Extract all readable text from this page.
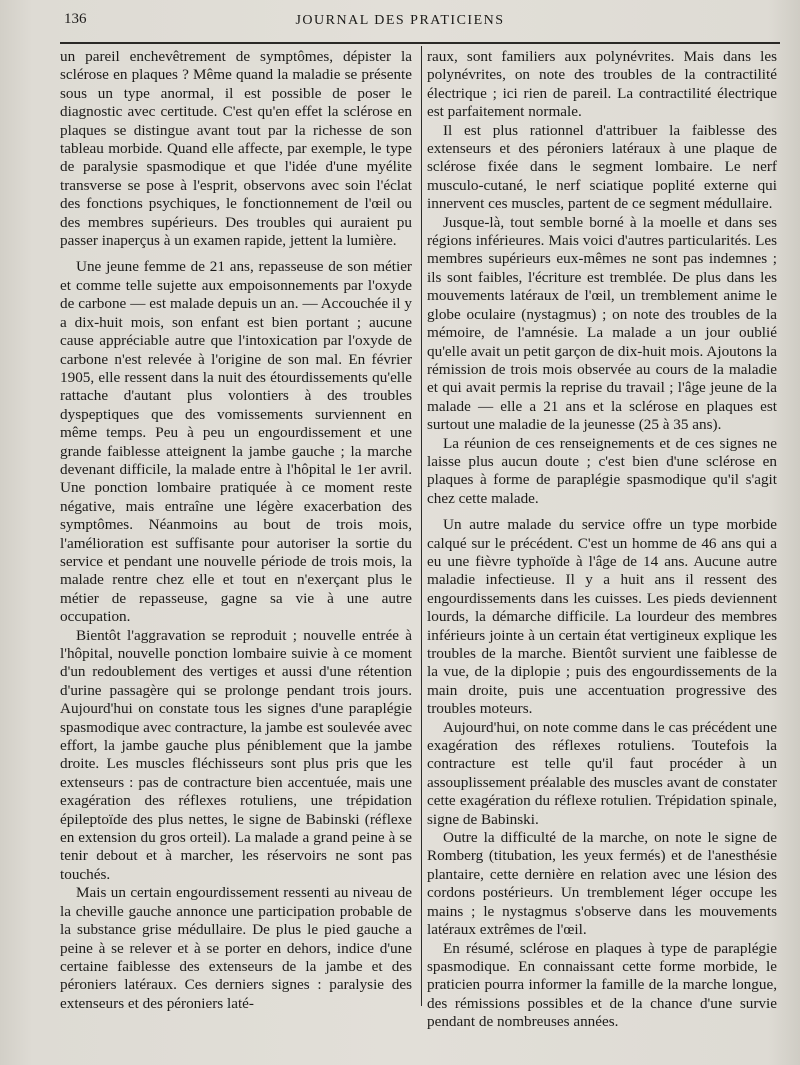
136	JOURNAL DES PRATICIENS

un pareil enchevêtrement de symptômes, dépister la sclérose en plaques ? Même quand la maladie se présente sous un type anormal, il est possible de poser le diagnostic avec certitude. C'est qu'en effet la sclérose en plaques se distingue avant tout par la richesse de son tableau morbide. Quand elle affecte, par exemple, le type de paralysie spasmodique et que l'idée d'une myélite transverse se pose à l'esprit, observons avec soin l'éclat des fonctions psychiques, le fonctionnement de l'œil ou des membres supérieurs. Des troubles qui auraient pu passer inaperçus à un examen rapide, jettent la lumière.

Une jeune femme de 21 ans, repasseuse de son métier et comme telle sujette aux empoisonnements par l'oxyde de carbone — est malade depuis un an. — Accouchée il y a dix-huit mois, son enfant est bien portant ; aucune cause appréciable autre que l'intoxication par l'oxyde de carbone n'est relevée à l'origine de son mal. En février 1905, elle ressent dans la nuit des étourdissements qu'elle rattache d'autant plus volontiers à des troubles dyspeptiques que des vomissements surviennent en même temps. Peu à peu un engourdissement et une grande faiblesse atteignent la jambe gauche ; la marche devenant difficile, la malade entre à l'hôpital le 1er avril. Une ponction lombaire pratiquée à ce moment reste négative, mais entraîne une légère exacerbation des symptômes. Néanmoins au bout de trois mois, l'amélioration est suffisante pour autoriser la sortie du service et pendant une nouvelle période de trois mois, la malade rentre chez elle et tout en n'exerçant plus le métier de repasseuse, gagne sa vie à une autre occupation.

Bientôt l'aggravation se reproduit ; nouvelle entrée à l'hôpital, nouvelle ponction lombaire suivie à ce moment d'un redoublement des vertiges et aussi d'une rétention d'urine passagère qui se prolonge pendant trois jours. Aujourd'hui on constate tous les signes d'une paraplégie spasmodique avec contracture, la jambe est soulevée avec effort, la jambe gauche plus péniblement que la jambe droite. Les muscles fléchisseurs sont plus pris que les extenseurs : pas de contracture bien accentuée, mais une exagération des réflexes rotuliens, une trépidation épileptoïde des plus nettes, le signe de Babinski (réflexe en extension du gros orteil). La malade a grand peine à se tenir debout et à marcher, les réservoirs ne sont pas touchés.

Mais un certain engourdissement ressenti au niveau de la cheville gauche annonce une participation probable de la substance grise médullaire. De plus le pied gauche a peine à se relever et à se porter en dehors, indice d'une certaine faiblesse des extenseurs de la jambe et des péroniers latéraux. Ces derniers signes : paralysie des extenseurs et des péroniers laté-

raux, sont familiers aux polynévrites. Mais dans les polynévrites, on note des troubles de la contractilité électrique ; ici rien de pareil. La contractilité électrique est parfaitement normale.

Il est plus rationnel d'attribuer la faiblesse des extenseurs et des péroniers latéraux à une plaque de sclérose fixée dans le segment lombaire. Le nerf musculo-cutané, le nerf sciatique poplité externe qui innervent ces muscles, partent de ce segment médullaire.

Jusque-là, tout semble borné à la moelle et dans ses régions inférieures. Mais voici d'autres particularités. Les membres supérieurs eux-mêmes ne sont pas indemnes ; ils sont faibles, l'écriture est tremblée. De plus dans les mouvements latéraux de l'œil, un tremblement anime le globe oculaire (nystagmus) ; on note des troubles de la mémoire, de l'amnésie. La malade a un jour oublié qu'elle avait un petit garçon de dix-huit mois. Ajoutons la rémission de trois mois observée au cours de la maladie et qui avait permis la reprise du travail ; l'âge jeune de la malade — elle a 21 ans et la sclérose en plaques est surtout une maladie de la jeunesse (25 à 35 ans).

La réunion de ces renseignements et de ces signes ne laisse plus aucun doute ; c'est bien d'une sclérose en plaques à forme de paraplégie spasmodique qu'il s'agit chez cette malade.

Un autre malade du service offre un type morbide calqué sur le précédent. C'est un homme de 46 ans qui a eu une fièvre typhoïde à l'âge de 14 ans. Aucune autre maladie infectieuse. Il y a huit ans il ressent des engourdissements dans les cuisses. Les pieds deviennent lourds, la démarche difficile. La lourdeur des membres inférieurs jointe à un certain état vertigineux explique les troubles de la marche. Bientôt survient une faiblesse de la vue, de la diplopie ; puis des engourdissements de la main droite, puis une accentuation progressive des troubles moteurs.

Aujourd'hui, on note comme dans le cas précédent une exagération des réflexes rotuliens. Toutefois la contracture est telle qu'il faut procéder à un assouplissement préalable des muscles avant de constater cette exagération du réflexe rotulien. Trépidation spinale, signe de Babinski.

Outre la difficulté de la marche, on note le signe de Romberg (titubation, les yeux fermés) et de l'anesthésie plantaire, cette dernière en relation avec une lésion des cordons postérieurs. Un tremblement léger occupe les mains ; le nystagmus s'observe dans les mouvements latéraux extrêmes de l'œil.

En résumé, sclérose en plaques à type de paraplégie spasmodique. En connaissant cette forme morbide, le praticien pourra informer la famille de la marche longue, des rémissions possibles et de la chance d'une survie pendant de nombreuses années.
